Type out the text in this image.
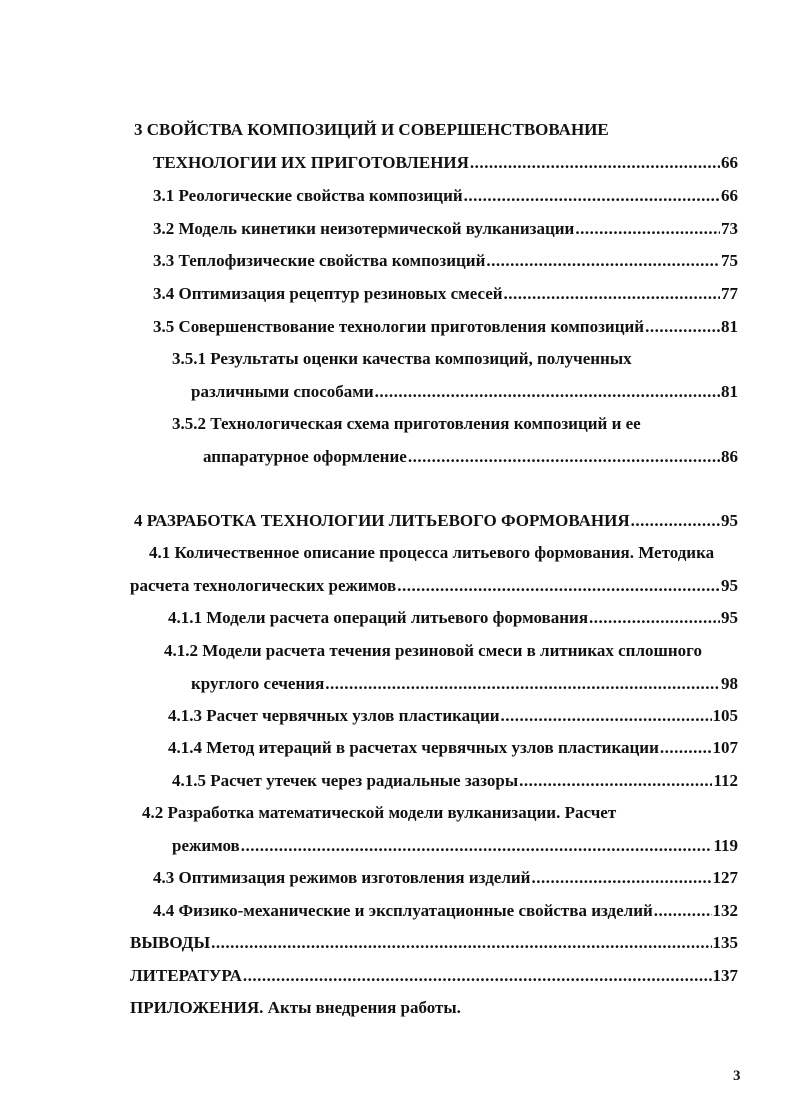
3 СВОЙСТВА КОМПОЗИЦИЙ И СОВЕРШЕНСТВОВАНИЕ
ТЕХНОЛОГИИ ИХ ПРИГОТОВЛЕНИЯ .....	66
3.1 Реологические свойства композиций .....	66
3.2 Модель кинетики неизотермической вулканизации .....	73
3.3 Теплофизические свойства композиций .....	75
3.4 Оптимизация рецептур резиновых смесей .....	77
3.5 Совершенствование технологии приготовления композиций .....	81
3.5.1 Результаты оценки качества композиций, полученных
различными способами .....	81
3.5.2 Технологическая схема приготовления композиций и ее
аппаратурное оформление .....	86
4 РАЗРАБОТКА ТЕХНОЛОГИИ ЛИТЬЕВОГО ФОРМОВАНИЯ .....	95
4.1 Количественное описание процесса литьевого формования. Методика
расчета технологических режимов .....	95
4.1.1 Модели расчета операций литьевого формования .....	95
4.1.2 Модели расчета течения резиновой смеси в литниках сплошного
круглого сечения .....	98
4.1.3 Расчет червячных узлов пластикации .....	105
4.1.4 Метод итераций в расчетах червячных узлов пластикации .....	107
4.1.5 Расчет утечек через радиальные зазоры .....	112
4.2 Разработка математической модели вулканизации. Расчет
режимов .....	119
4.3 Оптимизация режимов изготовления изделий .....	127
4.4 Физико-механические и эксплуатационные свойства изделий .....	132
ВЫВОДЫ .....	135
ЛИТЕРАТУРА .....	137
ПРИЛОЖЕНИЯ. Акты внедрения работы.
3
